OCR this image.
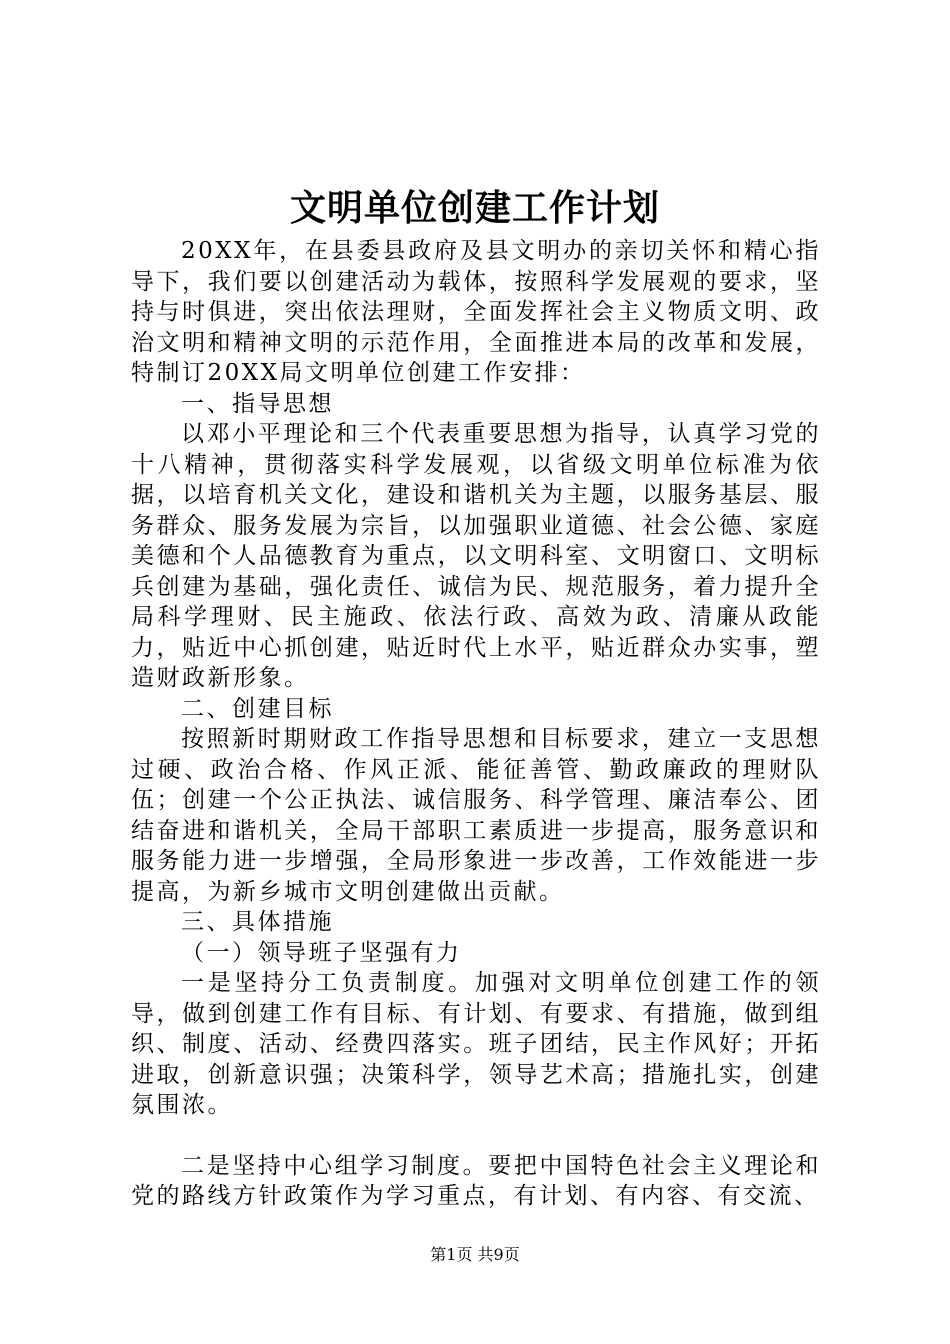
文明单位创建工作计划

20XX年，在县委县政府及县文明办的亲切关怀和精心指导下，我们要以创建活动为载体，按照科学发展观的要求，坚持与时俱进，突出依法理财，全面发挥社会主义物质文明、政治文明和精神文明的示范作用，全面推进本局的改革和发展，特制订20XX局文明单位创建工作安排：

一、指导思想

以邓小平理论和三个代表重要思想为指导，认真学习党的十八精神，贯彻落实科学发展观，以省级文明单位标准为依据，以培育机关文化，建设和谐机关为主题，以服务基层、服务群众、服务发展为宗旨，以加强职业道德、社会公德、家庭美德和个人品德教育为重点，以文明科室、文明窗口、文明标兵创建为基础，强化责任、诚信为民、规范服务，着力提升全局科学理财、民主施政、依法行政、高效为政、清廉从政能力，贴近中心抓创建，贴近时代上水平，贴近群众办实事，塑造财政新形象。

二、创建目标

按照新时期财政工作指导思想和目标要求，建立一支思想过硬、政治合格、作风正派、能征善管、勤政廉政的理财队伍；创建一个公正执法、诚信服务、科学管理、廉洁奉公、团结奋进和谐机关，全局干部职工素质进一步提高，服务意识和服务能力进一步增强，全局形象进一步改善，工作效能进一步提高，为新乡城市文明创建做出贡献。

三、具体措施

（一）领导班子坚强有力

一是坚持分工负责制度。加强对文明单位创建工作的领导，做到创建工作有目标、有计划、有要求、有措施，做到组织、制度、活动、经费四落实。班子团结，民主作风好；开拓进取，创新意识强；决策科学，领导艺术高；措施扎实，创建氛围浓。

二是坚持中心组学习制度。要把中国特色社会主义理论和党的路线方针政策作为学习重点，有计划、有内容、有交流、

第1页 共9页
